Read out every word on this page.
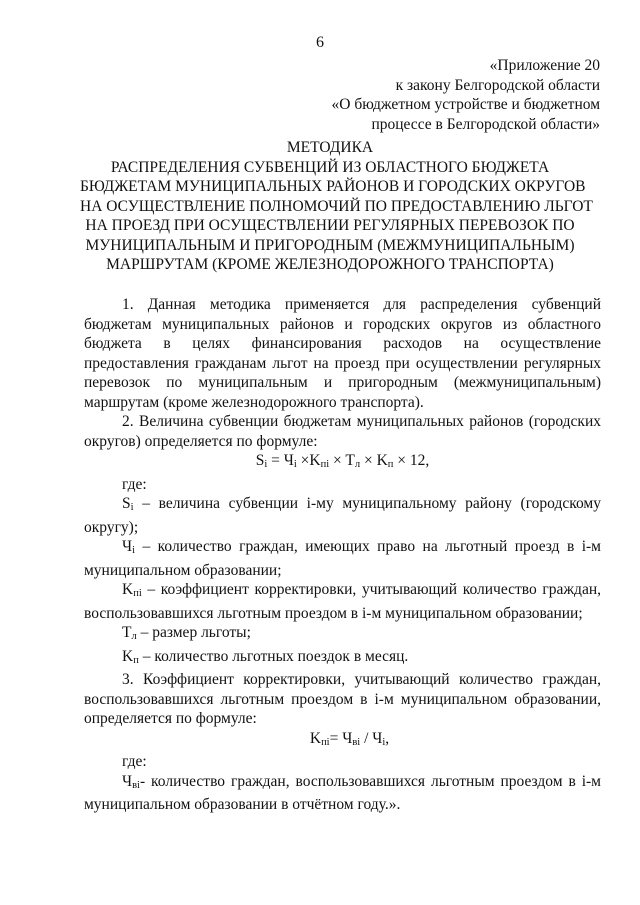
6
«Приложение 20
к закону Белгородской области
«О бюджетном устройстве и бюджетном
процессе в Белгородской области»
МЕТОДИКА
РАСПРЕДЕЛЕНИЯ СУБВЕНЦИЙ ИЗ ОБЛАСТНОГО БЮДЖЕТА
БЮДЖЕТАМ МУНИЦИПАЛЬНЫХ РАЙОНОВ И ГОРОДСКИХ ОКРУГОВ
НА ОСУЩЕСТВЛЕНИЕ ПОЛНОМОЧИЙ ПО ПРЕДОСТАВЛЕНИЮ ЛЬГОТ
НА ПРОЕЗД ПРИ ОСУЩЕСТВЛЕНИИ РЕГУЛЯРНЫХ ПЕРЕВОЗОК ПО
МУНИЦИПАЛЬНЫМ И ПРИГОРОДНЫМ (МЕЖМУНИЦИПАЛЬНЫМ)
МАРШРУТАМ (КРОМЕ ЖЕЛЕЗНОДОРОЖНОГО ТРАНСПОРТА)

1. Данная методика применяется для распределения субвенций бюджетам муниципальных районов и городских округов из областного бюджета в целях финансирования расходов на осуществление предоставления гражданам льгот на проезд при осуществлении регулярных перевозок по муниципальным и пригородным (межмуниципальным) маршрутам (кроме железнодорожного транспорта).

2. Величина субвенции бюджетам муниципальных районов (городских округов) определяется по формуле:

Si = Чi ×Kпi × Tл × Kп × 12,

где:

Si – величина субвенции i-му муниципальному району (городскому округу);

Чi – количество граждан, имеющих право на льготный проезд в i-м муниципальном образовании;

Kпi – коэффициент корректировки, учитывающий количество граждан, воспользовавшихся льготным проездом в i-м муниципальном образовании;

Tл – размер льготы;

Kп – количество льготных поездок в месяц.

3. Коэффициент корректировки, учитывающий количество граждан, воспользовавшихся льготным проездом в i-м муниципальном образовании, определяется по формуле:

Kпi= Чвi / Чi,

где:

Чвi- количество граждан, воспользовавшихся льготным проездом в i-м муниципальном образовании в отчётном году.».
